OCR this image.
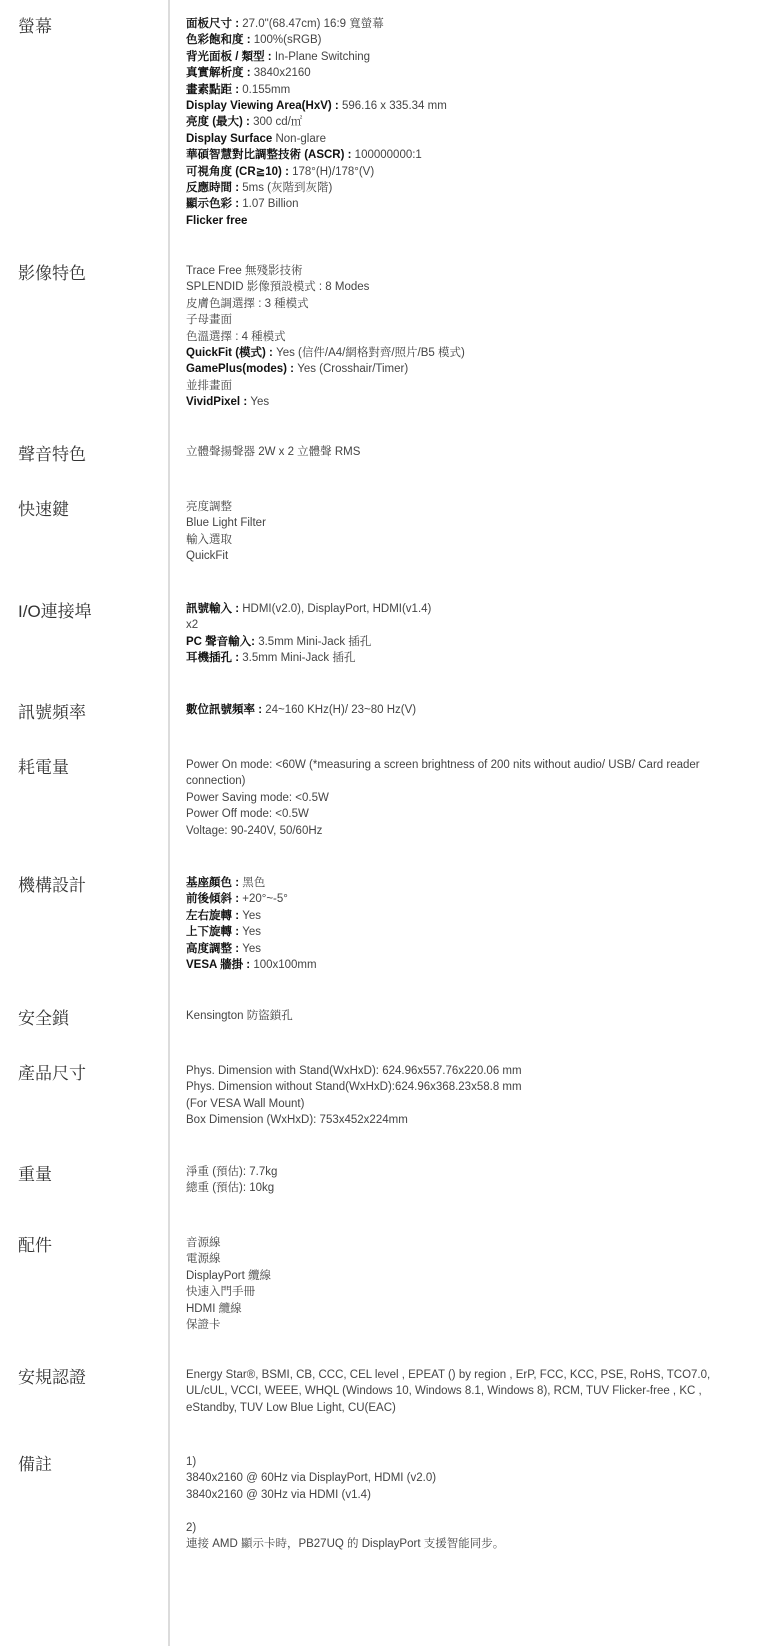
螢幕	面板尺寸 : 27.0"(68.47cm) 16:9 寬螢幕
色彩飽和度 : 100%(sRGB)
背光面板 / 類型 : In-Plane Switching
真實解析度 : 3840x2160
畫素點距 : 0.155mm
Display Viewing Area(HxV) : 596.16 x 335.34 mm
亮度 (最大) : 300 cd/㎡
Display Surface Non-glare
華碩智慧對比調整技術 (ASCR) : 100000000:1
可視角度 (CR≧10) : 178°(H)/178°(V)
反應時間 : 5ms (灰階到灰階)
顯示色彩 : 1.07 Billion
Flicker free
影像特色	Trace Free 無殘影技術
SPLENDID 影像預設模式 : 8 Modes
皮膚色調選擇 : 3 種模式
子母畫面
色溫選擇 : 4 種模式
QuickFit (模式) : Yes (信件/A4/網格對齊/照片/B5 模式)
GamePlus(modes) : Yes (Crosshair/Timer)
並排畫面
VividPixel : Yes
聲音特色	立體聲揚聲器 2W x 2 立體聲 RMS
快速鍵	亮度調整
Blue Light Filter
輸入選取
QuickFit
I/O連接埠	訊號輸入 : HDMI(v2.0), DisplayPort, HDMI(v1.4)
x2
PC 聲音輸入: 3.5mm Mini-Jack 插孔
耳機插孔 : 3.5mm Mini-Jack 插孔
訊號頻率	數位訊號頻率 : 24~160 KHz(H)/ 23~80 Hz(V)
耗電量	Power On mode: <60W (*measuring a screen brightness of 200 nits without audio/ USB/ Card reader connection)
Power Saving mode: <0.5W
Power Off mode: <0.5W
Voltage: 90-240V, 50/60Hz
機構設計	基座顏色 : 黑色
前後傾斜 : +20°~-5°
左右旋轉 : Yes
上下旋轉 : Yes
高度調整 : Yes
VESA 牆掛 : 100x100mm
安全鎖	Kensington 防盜鎖孔
產品尺寸	Phys. Dimension with Stand(WxHxD): 624.96x557.76x220.06 mm
Phys. Dimension without Stand(WxHxD):624.96x368.23x58.8 mm
(For VESA Wall Mount)
Box Dimension (WxHxD): 753x452x224mm
重量	淨重 (預估): 7.7kg
總重 (預估): 10kg
配件	音源線
電源線
DisplayPort 纜線
快速入門手冊
HDMI 纜線
保證卡
安規認證	Energy Star®, BSMI, CB, CCC, CEL level , EPEAT () by region , ErP, FCC, KCC, PSE, RoHS, TCO7.0, UL/cUL, VCCI, WEEE, WHQL (Windows 10, Windows 8.1, Windows 8), RCM, TUV Flicker-free , KC , eStandby, TUV Low Blue Light, CU(EAC)
備註	1)
3840x2160 @ 60Hz via DisplayPort, HDMI (v2.0)
3840x2160 @ 30Hz via HDMI (v1.4)
2)
連接 AMD 顯示卡時，PB27UQ 的 DisplayPort 支援智能同步。
